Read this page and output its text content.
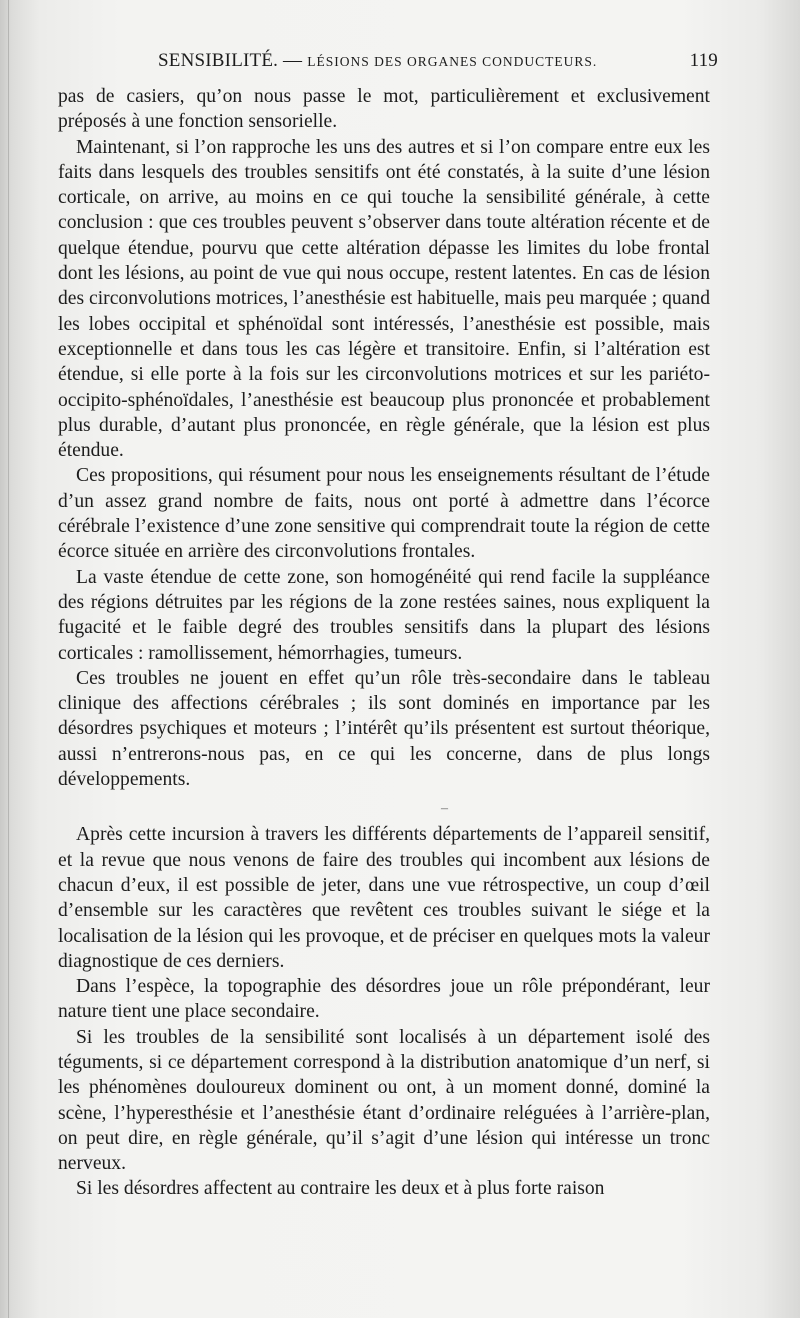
SENSIBILITÉ. — LÉSIONS DES ORGANES CONDUCTEURS.	119

pas de casiers, qu’on nous passe le mot, particulièrement et exclusivement préposés à une fonction sensorielle.

Maintenant, si l’on rapproche les uns des autres et si l’on compare entre eux les faits dans lesquels des troubles sensitifs ont été constatés, à la suite d’une lésion corticale, on arrive, au moins en ce qui touche la sensibilité générale, à cette conclusion : que ces troubles peuvent s’observer dans toute altération récente et de quelque étendue, pourvu que cette altération dépasse les limites du lobe frontal dont les lésions, au point de vue qui nous occupe, restent latentes. En cas de lésion des circonvolutions motrices, l’anesthésie est habituelle, mais peu marquée ; quand les lobes occipital et sphénoïdal sont intéressés, l’anesthésie est possible, mais exceptionnelle et dans tous les cas légère et transitoire. Enfin, si l’altération est étendue, si elle porte à la fois sur les circonvolutions motrices et sur les pariéto-occipito-sphénoïdales, l’anesthésie est beaucoup plus prononcée et probablement plus durable, d’autant plus prononcée, en règle générale, que la lésion est plus étendue.

Ces propositions, qui résument pour nous les enseignements résultant de l’étude d’un assez grand nombre de faits, nous ont porté à admettre dans l’écorce cérébrale l’existence d’une zone sensitive qui comprendrait toute la région de cette écorce située en arrière des circonvolutions frontales.

La vaste étendue de cette zone, son homogénéité qui rend facile la suppléance des régions détruites par les régions de la zone restées saines, nous expliquent la fugacité et le faible degré des troubles sensitifs dans la plupart des lésions corticales : ramollissement, hémorrhagies, tumeurs.

Ces troubles ne jouent en effet qu’un rôle très-secondaire dans le tableau clinique des affections cérébrales ; ils sont dominés en importance par les désordres psychiques et moteurs ; l’intérêt qu’ils présentent est surtout théorique, aussi n’entrerons-nous pas, en ce qui les concerne, dans de plus longs développements.

–

Après cette incursion à travers les différents départements de l’appareil sensitif, et la revue que nous venons de faire des troubles qui incombent aux lésions de chacun d’eux, il est possible de jeter, dans une vue rétrospective, un coup d’œil d’ensemble sur les caractères que revêtent ces troubles suivant le siége et la localisation de la lésion qui les provoque, et de préciser en quelques mots la valeur diagnostique de ces derniers.

Dans l’espèce, la topographie des désordres joue un rôle prépondérant, leur nature tient une place secondaire.

Si les troubles de la sensibilité sont localisés à un département isolé des téguments, si ce département correspond à la distribution anatomique d’un nerf, si les phénomènes douloureux dominent ou ont, à un moment donné, dominé la scène, l’hyperesthésie et l’anesthésie étant d’ordinaire reléguées à l’arrière-plan, on peut dire, en règle générale, qu’il s’agit d’une lésion qui intéresse un tronc nerveux.

Si les désordres affectent au contraire les deux et à plus forte raison
